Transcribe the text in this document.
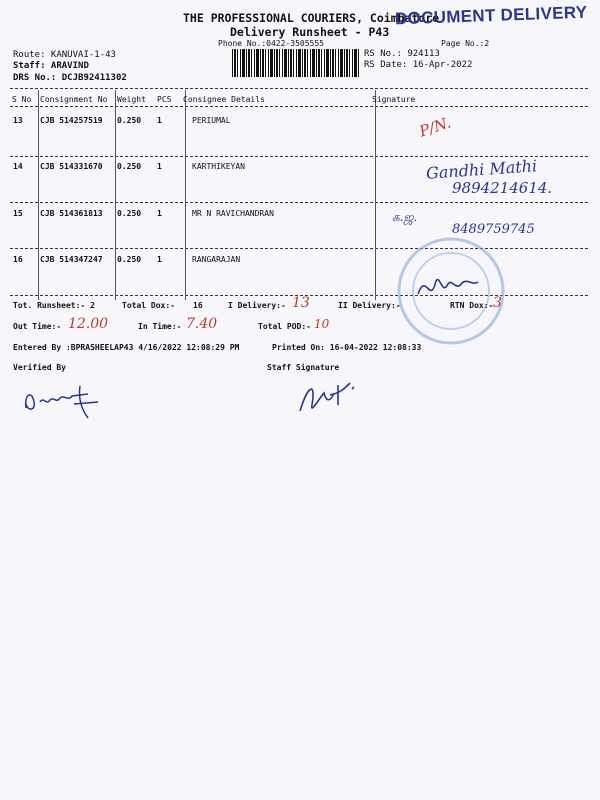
THE PROFESSIONAL COURIERS, Coimbatore
Delivery Runsheet - P43
Phone No.:0422-3505555	Page No.:2
DOCUMENT DELIVERY
Route: KANUVAI-1-43
Staff: ARAVIND
DRS No.: DCJB92411302
RS No.: 924113
RS Date: 16-Apr-2022
S No Consignment No Weight PCS Consignee Details	Signature
13 CJB 514257519 0.250 1	PERIUMAL
14 CJB 514331670 0.250 1	KARTHIKEYAN
15 CJB 514361813 0.250 1	MR N RAVICHANDRAN
16 CJB 514347247 0.250 1	RANGARAJAN
P/N.
Gandhi Mathi
9894214614.
க.ஜ.
8489759745
Tot. Runsheet:- 2	Total Dox:- 16	I Delivery:- 13	II Delivery:-	RTN Dox:- 3
Out Time:- 12.00	In Time:- 7.40	Total POD:- 10
Entered By :BPRASHEELAP43 4/16/2022 12:08:29 PM	Printed On: 16-04-2022 12:08:33
Verified By	Staff Signature
